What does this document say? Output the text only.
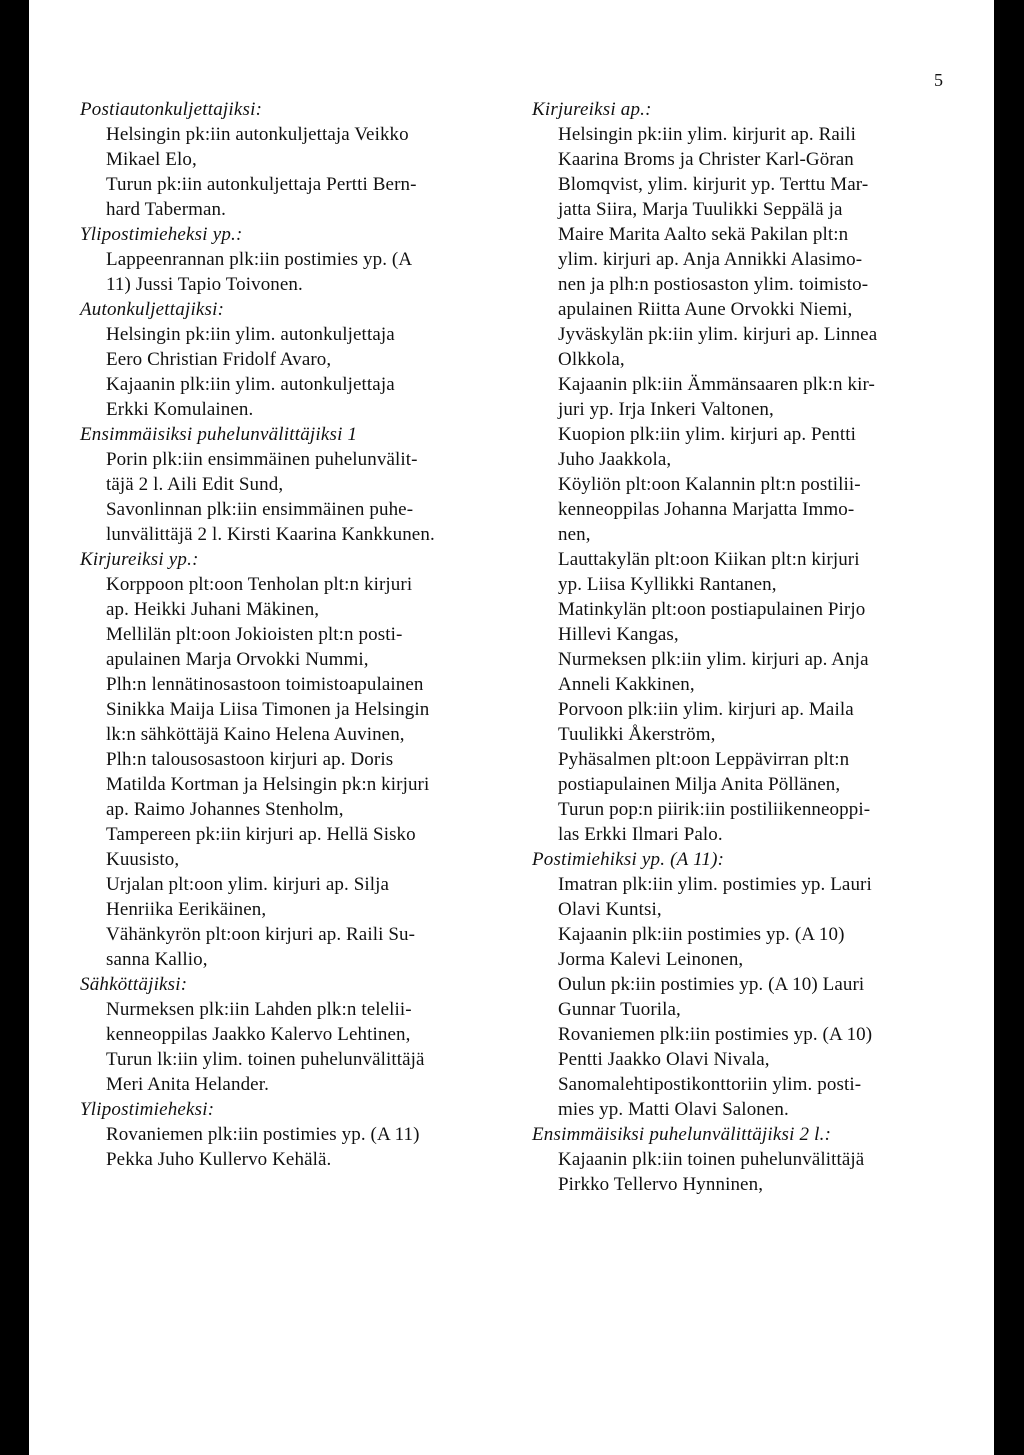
5
Postiautonkuljettajiksi:
Helsingin pk:iin autonkuljettaja Veikko
Mikael Elo,
Turun pk:iin autonkuljettaja Pertti Bern-
hard Taberman.
Ylipostimieheksi yp.:
Lappeenrannan plk:iin postimies yp. (A
11) Jussi Tapio Toivonen.
Autonkuljettajiksi:
Helsingin pk:iin ylim. autonkuljettaja
Eero Christian Fridolf Avaro,
Kajaanin plk:iin ylim. autonkuljettaja
Erkki Komulainen.
Ensimmäisiksi puhelunvälittäjiksi 1
Porin plk:iin ensimmäinen puhelunvälit-
täjä 2 l. Aili Edit Sund,
Savonlinnan plk:iin ensimmäinen puhe-
lunvälittäjä 2 l. Kirsti Kaarina Kankkunen.
Kirjureiksi yp.:
Korppoon plt:oon Tenholan plt:n kirjuri
ap. Heikki Juhani Mäkinen,
Mellilän plt:oon Jokioisten plt:n posti-
apulainen Marja Orvokki Nummi,
Plh:n lennätinosastoon toimistoapulainen
Sinikka Maija Liisa Timonen ja Helsingin
lk:n sähköttäjä Kaino Helena Auvinen,
Plh:n talousosastoon kirjuri ap. Doris
Matilda Kortman ja Helsingin pk:n kirjuri
ap. Raimo Johannes Stenholm,
Tampereen pk:iin kirjuri ap. Hellä Sisko
Kuusisto,
Urjalan plt:oon ylim. kirjuri ap. Silja
Henriika Eerikäinen,
Vähänkyrön plt:oon kirjuri ap. Raili Su-
sanna Kallio,
Sähköttäjiksi:
Nurmeksen plk:iin Lahden plk:n teleliі-
kenneoppilas Jaakko Kalervo Lehtinen,
Turun lk:iin ylim. toinen puhelunvälittäjä
Meri Anita Helander.
Ylipostimieheksi:
Rovaniemen plk:iin postimies yp. (A 11)
Pekka Juho Kullervo Kehälä.
Kirjureiksi ap.:
Helsingin pk:iin ylim. kirjurit ap. Raili
Kaarina Broms ja Christer Karl-Göran
Blomqvist, ylim. kirjurit yp. Terttu Mar-
jatta Siira, Marja Tuulikki Seppälä ja
Maire Marita Aalto sekä Pakilan plt:n
ylim. kirjuri ap. Anja Annikki Alasimo-
nen ja plh:n postiosaston ylim. toimisto-
apulainen Riitta Aune Orvokki Niemi,
Jyväskylän pk:iin ylim. kirjuri ap. Linnea
Olkkola,
Kajaanin plk:iin Ämmänsaaren plk:n kir-
juri yp. Irja Inkeri Valtonen,
Kuopion plk:iin ylim. kirjuri ap. Pentti
Juho Jaakkola,
Köyliön plt:oon Kalannin plt:n postilii-
kenneoppilas Johanna Marjatta Immo-
nen,
Lauttakylän plt:oon Kiikan plt:n kirjuri
yp. Liisa Kyllikki Rantanen,
Matinkylän plt:oon postiapulainen Pirjo
Hillevi Kangas,
Nurmeksen plk:iin ylim. kirjuri ap. Anja
Anneli Kakkinen,
Porvoon plk:iin ylim. kirjuri ap. Maila
Tuulikki Åkerström,
Pyhäsalmen plt:oon Leppävirran plt:n
postiapulainen Milja Anita Pöllänen,
Turun pop:n piirik:iin postiliikenneoppi-
las Erkki Ilmari Palo.
Postimiehiksi yp. (A 11):
Imatran plk:iin ylim. postimies yp. Lauri
Olavi Kuntsi,
Kajaanin plk:iin postimies yp. (A 10)
Jorma Kalevi Leinonen,
Oulun pk:iin postimies yp. (A 10) Lauri
Gunnar Tuorila,
Rovaniemen plk:iin postimies yp. (A 10)
Pentti Jaakko Olavi Nivala,
Sanomalehtipostikonttoriin ylim. posti-
mies yp. Matti Olavi Salonen.
Ensimmäisiksi puhelunvälittäjiksi 2 l.:
Kajaanin plk:iin toinen puhelunvälittäjä
Pirkko Tellervo Hynninen,
